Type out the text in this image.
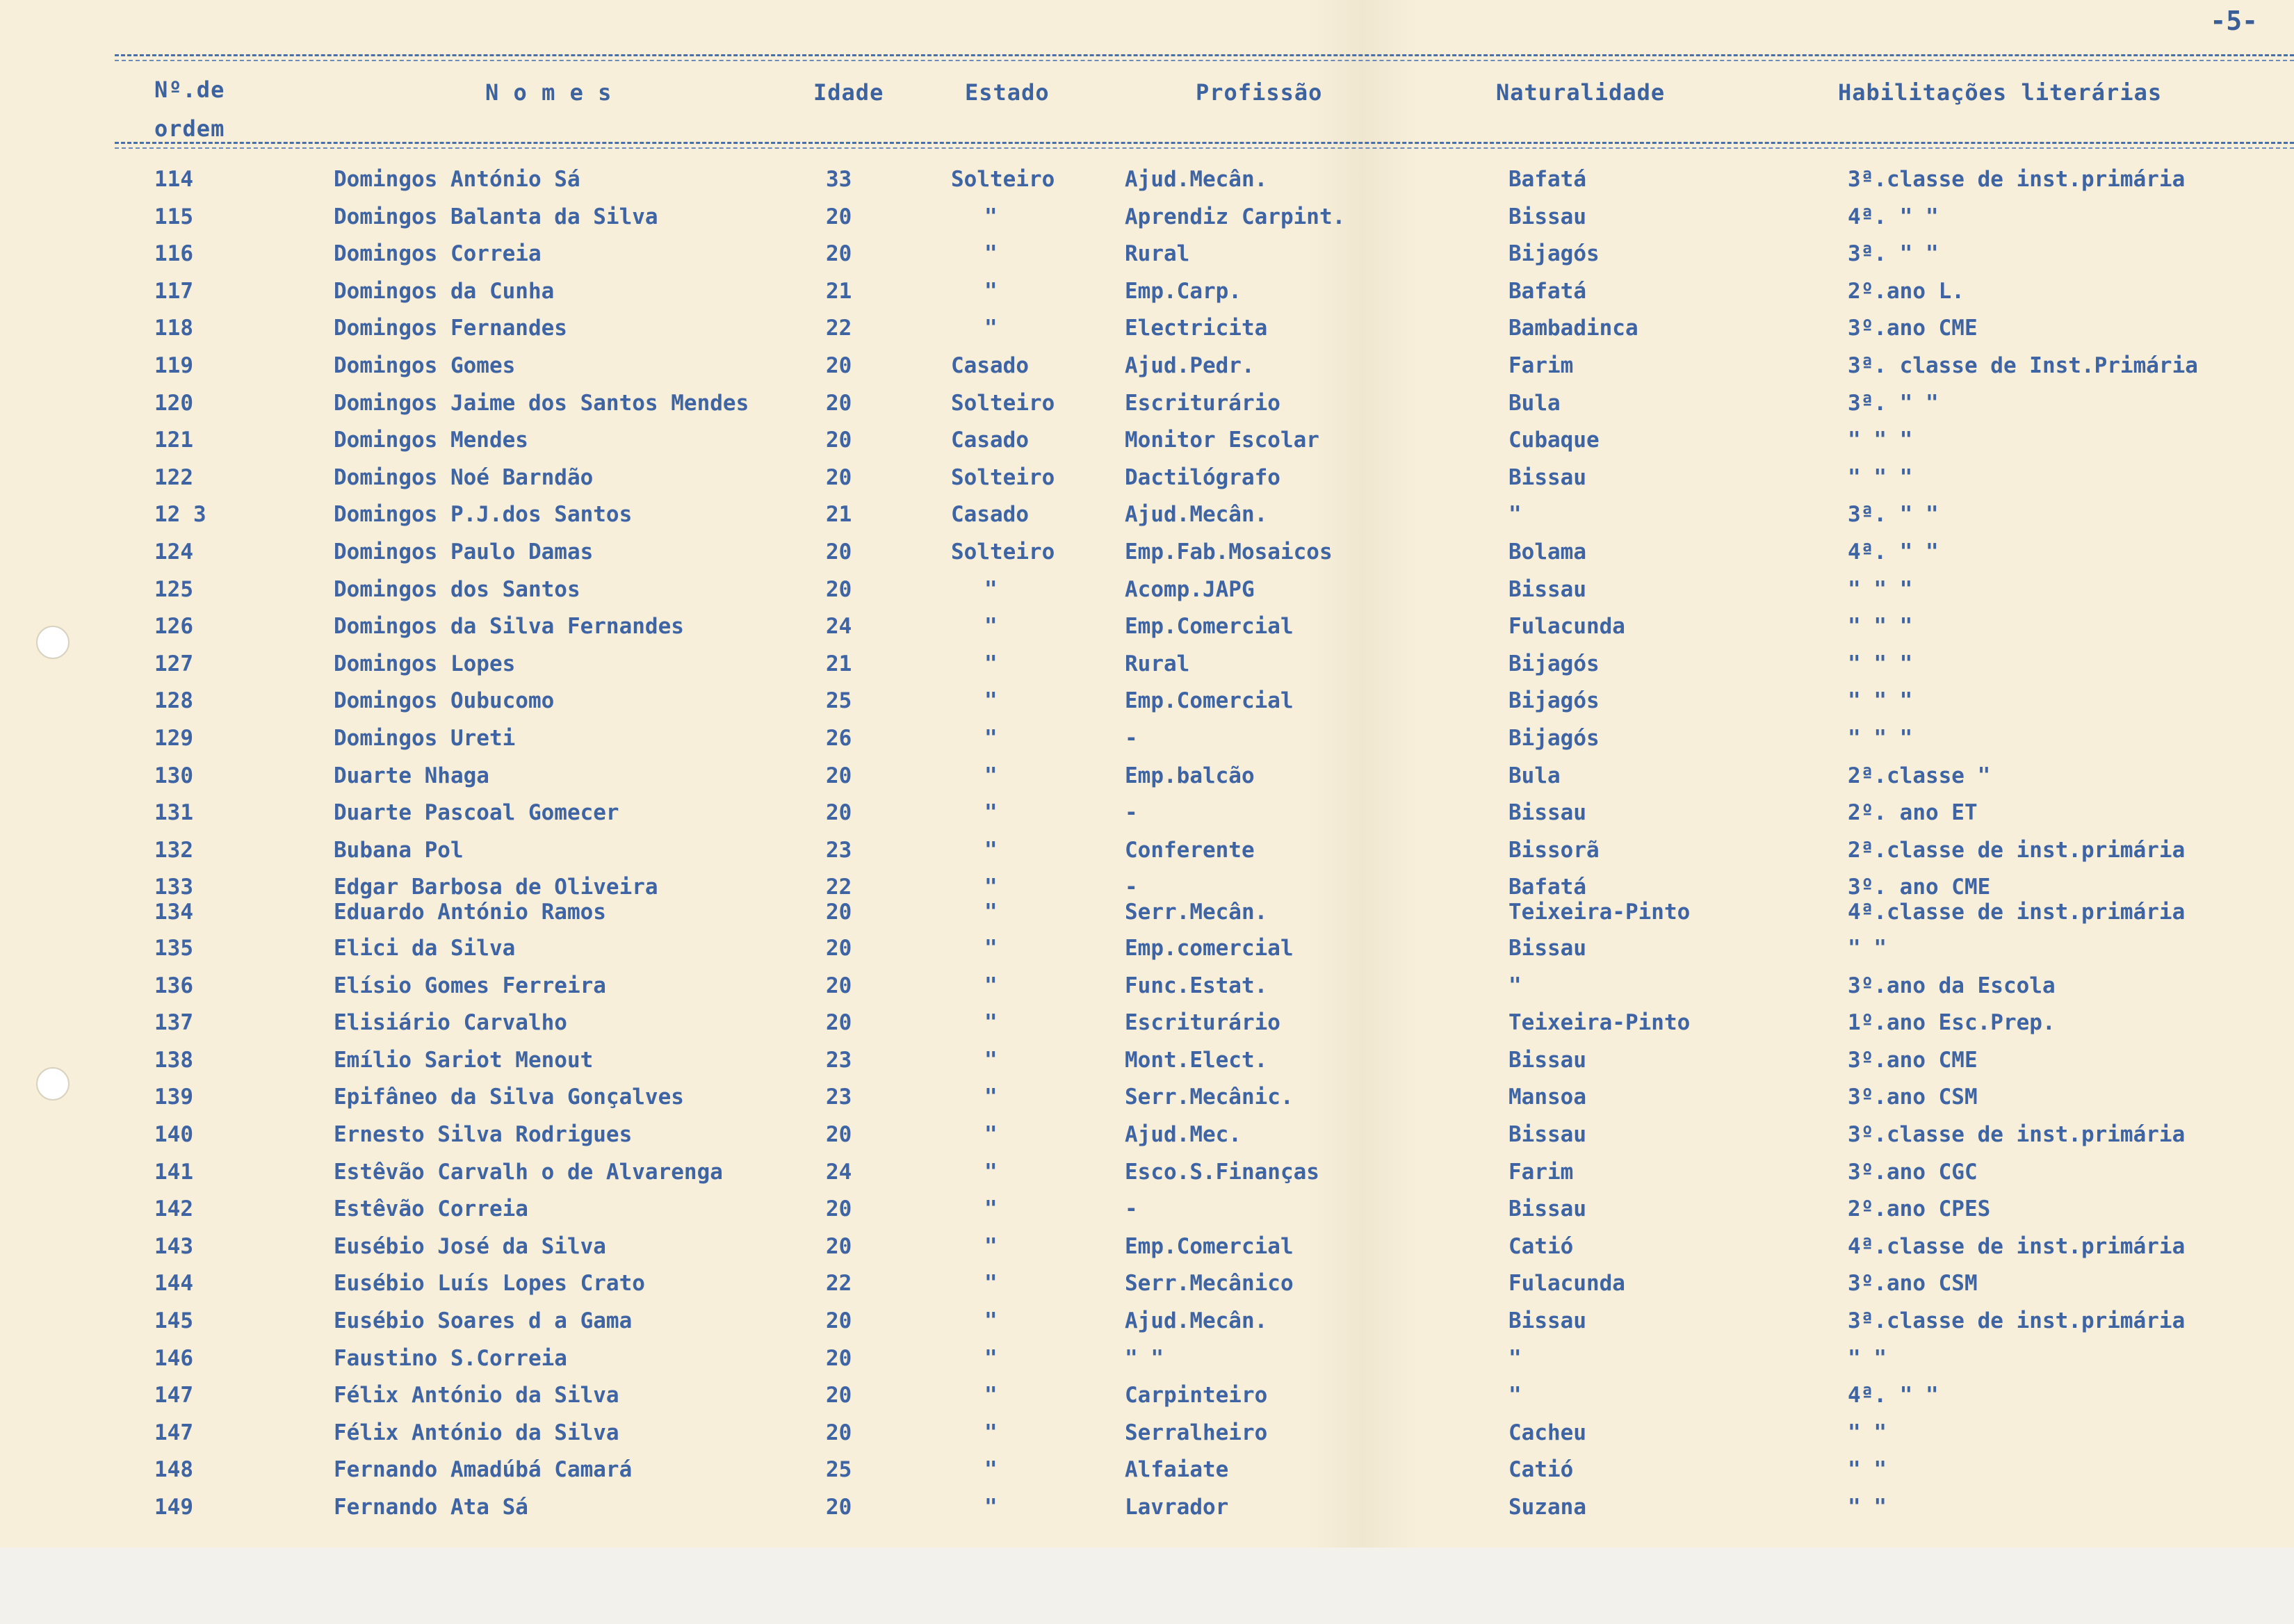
-5-
Nº.de
ordem
N o m e s	Idade	Estado	Profissão	Naturalidade	Habilitações literárias
114	Domingos António Sá	33	Solteiro	Ajud.Mecân.	Bafatá	3ª.classe de inst.primária
115	Domingos Balanta da Silva	20	"	Aprendiz Carpint.	Bissau	4ª. " "
116	Domingos Correia	20	"	Rural	Bijagós	3ª. " "
117	Domingos da Cunha	21	"	Emp.Carp.	Bafatá	2º.ano L.
118	Domingos Fernandes	22	"	Electricita	Bambadinca	3º.ano CME
119	Domingos Gomes	20	Casado	Ajud.Pedr.	Farim	3ª. classe de Inst.Primária
120	Domingos Jaime dos Santos Mendes	20	Solteiro	Escriturário	Bula	3ª. " "
121	Domingos Mendes	20	Casado	Monitor Escolar	Cubaque	" " "
122	Domingos Noé Barndão	20	Solteiro	Dactilógrafo	Bissau	" " "
12 3	Domingos P.J.dos Santos	21	Casado	Ajud.Mecân.	"	3ª. " "
124	Domingos Paulo Damas	20	Solteiro	Emp.Fab.Mosaicos	Bolama	4ª. " "
125	Domingos dos Santos	20	"	Acomp.JAPG	Bissau	" " "
126	Domingos da Silva Fernandes	24	"	Emp.Comercial	Fulacunda	" " "
127	Domingos Lopes	21	"	Rural	Bijagós	" " "
128	Domingos Oubucomo	25	"	Emp.Comercial	Bijagós	" " "
129	Domingos Ureti	26	"	-	Bijagós	" " "
130	Duarte Nhaga	20	"	Emp.balcão	Bula	2ª.classe "
131	Duarte Pascoal Gomecer	20	"	-	Bissau	2º. ano ET
132	Bubana Pol	23	"	Conferente	Bissorã	2ª.classe de inst.primária
133	Edgar Barbosa de Oliveira	22	"	-	Bafatá	3º. ano CME
134	Eduardo António Ramos	20	"	Serr.Mecân.	Teixeira-Pinto	4ª.classe de inst.primária
135	Elici da Silva	20	"	Emp.comercial	Bissau	" "
136	Elísio Gomes Ferreira	20	"	Func.Estat.	"	3º.ano da Escola
137	Elisiário Carvalho	20	"	Escriturário	Teixeira-Pinto	1º.ano Esc.Prep.
138	Emílio Sariot Menout	23	"	Mont.Elect.	Bissau	3º.ano CME
139	Epifâneo da Silva Gonçalves	23	"	Serr.Mecânic.	Mansoa	3º.ano CSM
140	Ernesto Silva Rodrigues	20	"	Ajud.Mec.	Bissau	3º.classe de inst.primária
141	Estêvão Carvalh o de Alvarenga	24	"	Esco.S.Finanças	Farim	3º.ano CGC
142	Estêvão Correia	20	"	-	Bissau	2º.ano CPES
143	Eusébio José da Silva	20	"	Emp.Comercial	Catió	4ª.classe de inst.primária
144	Eusébio Luís Lopes Crato	22	"	Serr.Mecânico	Fulacunda	3º.ano CSM
145	Eusébio Soares d a Gama	20	"	Ajud.Mecân.	Bissau	3ª.classe de inst.primária
146	Faustino S.Correia	20	"	" "	"	" "
147	Félix António da Silva	20	"	Carpinteiro	"	4ª. " "
147	Félix António da Silva	20	"	Serralheiro	Cacheu	" "
148	Fernando Amadúbá Camará	25	"	Alfaiate	Catió	" "
149	Fernando Ata Sá	20	"	Lavrador	Suzana	" "
